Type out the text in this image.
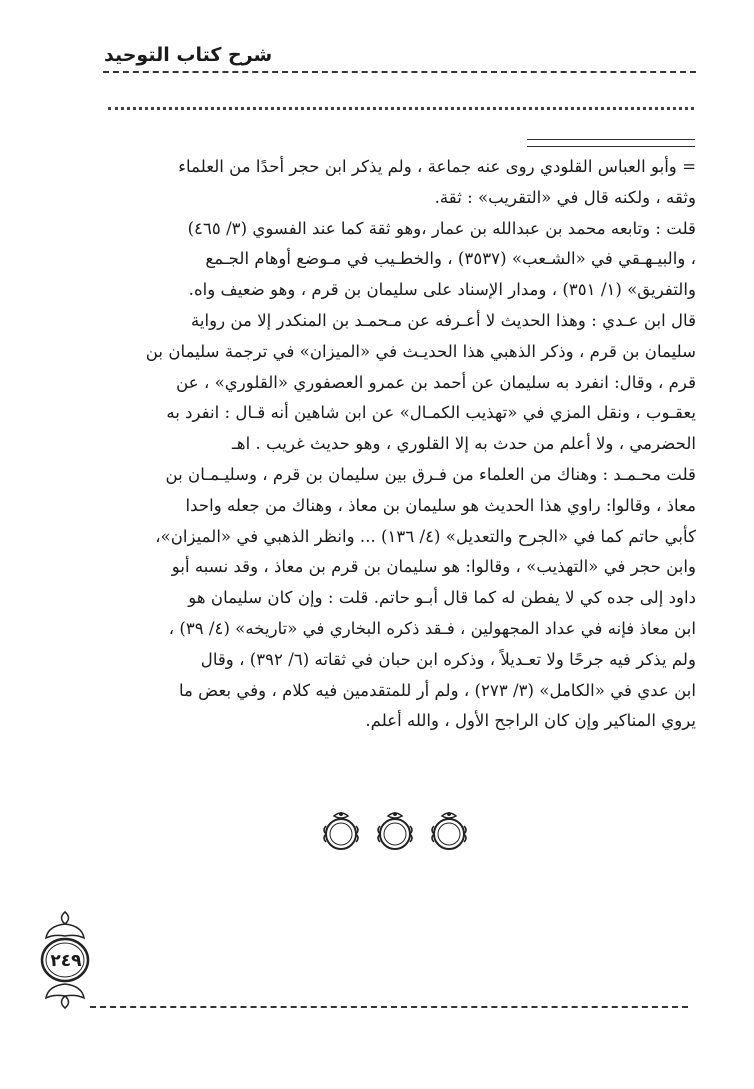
شرح كتاب التوحيد
= وأبو العباس القلودي روى عنه جماعة ، ولم يذكر ابن حجر أحدًا من العلماء
وثقه ، ولكنه قال في «التقريب» : ثقة.
قلت : وتابعه محمد بن عبدالله بن عمار ،وهو ثقة كما عند الفسوي (٣/ ٤٦٥)
، والبيـهـقي في «الشـعب» (٣٥٣٧) ، والخطـيب في مـوضع أوهام الجـمع
والتفريق» (١/ ٣٥١) ، ومدار الإسناد على سليمان بن قرم ، وهو ضعيف واه.
قال ابن عـدي : وهذا الحديث لا أعـرفه عن مـحمـد بن المنكدر إلا من رواية
سليمان بن قرم ، وذكر الذهبي هذا الحديـث في «الميزان» في ترجمة سليمان بن
قرم ، وقال: انفرد به سليمان عن أحمد بن عمرو العصفوري «القلوري» ، عن
يعقـوب ، ونقل المزي في «تهذيب الكمـال» عن ابن شاهين أنه قـال : انفرد به
الحضرمي ، ولا أعلم من حدث به إلا القلوري ، وهو حديث غريب . اهـ
قلت محـمـد : وهناك من العلماء من فـرق بين سليمان بن قرم ، وسليـمـان بن
معاذ ، وقالوا: راوي هذا الحديث هو سليمان بن معاذ ، وهناك من جعله واحدا
كأبي حاتم كما في «الجرح والتعديل» (٤/ ١٣٦) ... وانظر الذهبي في «الميزان»،
وابن حجر في «التهذيب» ، وقالوا: هو سليمان بن قرم بن معاذ ، وقد نسبه أبو
داود إلى جده كي لا يفطن له كما قال أبـو حاتم. قلت : وإن كان سليمان هو
ابن معاذ فإنه في عداد المجهولين ، فـقد ذكره البخاري في «تاريخه» (٤/ ٣٩) ،
ولم يذكر فيه جرحًا ولا تعـديلاً ، وذكره ابن حبان في ثقاته (٦/ ٣٩٢) ، وقال
ابن عدي في «الكامل» (٣/ ٢٧٣) ، ولم أر للمتقدمين فيه كلام ، وفي بعض ما
يروي المناكير وإن كان الراجح الأول ، والله أعلم.
٢٤٩
